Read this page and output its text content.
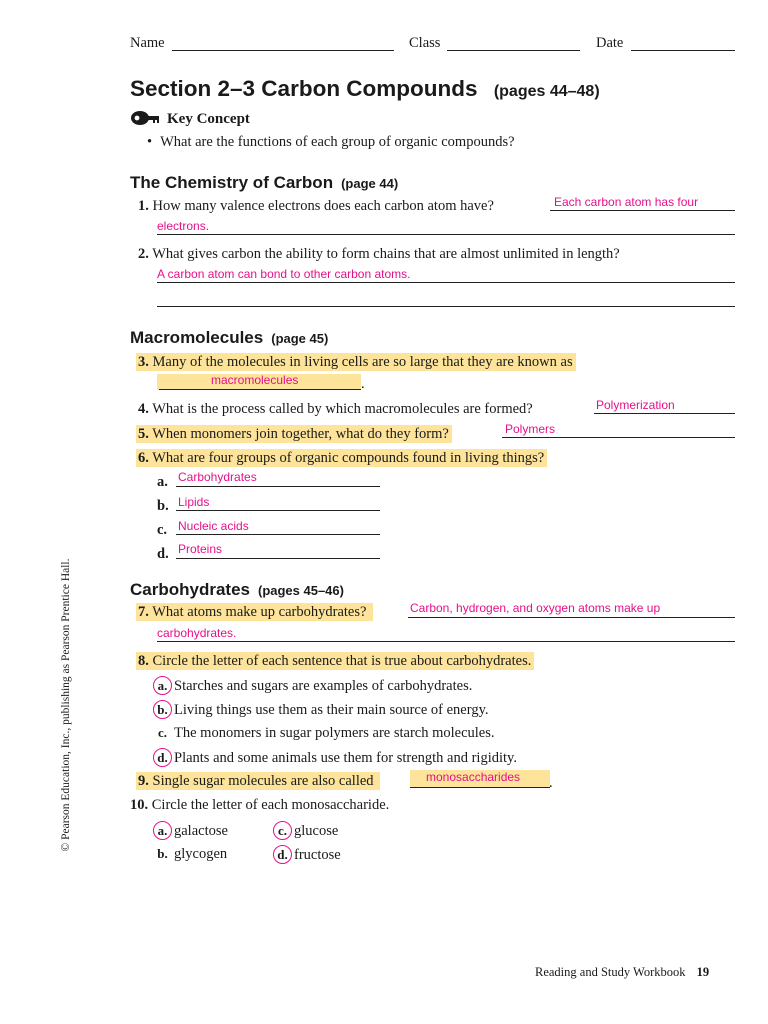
Name	Class	Date
Section 2–3 Carbon Compounds (pages 44–48)
Key Concept
• What are the functions of each group of organic compounds?
The Chemistry of Carbon (page 44)
1. How many valence electrons does each carbon atom have?	Each carbon atom has four
electrons.
2. What gives carbon the ability to form chains that are almost unlimited in length?
A carbon atom can bond to other carbon atoms.
Macromolecules (page 45)
3. Many of the molecules in living cells are so large that they are known as
macromolecules	.
4. What is the process called by which macromolecules are formed?	Polymerization
5. When monomers join together, what do they form?	Polymers
6. What are four groups of organic compounds found in living things?
a. Carbohydrates
b. Lipids
c. Nucleic acids
d. Proteins
Carbohydrates (pages 45–46)
7. What atoms make up carbohydrates?	Carbon, hydrogen, and oxygen atoms make up
carbohydrates.
8. Circle the letter of each sentence that is true about carbohydrates.
a. Starches and sugars are examples of carbohydrates.
b. Living things use them as their main source of energy.
c. The monomers in sugar polymers are starch molecules.
d. Plants and some animals use them for strength and rigidity.
9. Single sugar molecules are also called	monosaccharides .
10. Circle the letter of each monosaccharide.
a. galactose	c. glucose
b. glycogen	d. fructose
© Pearson Education, Inc., publishing as Pearson Prentice Hall.
Reading and Study Workbook 19
